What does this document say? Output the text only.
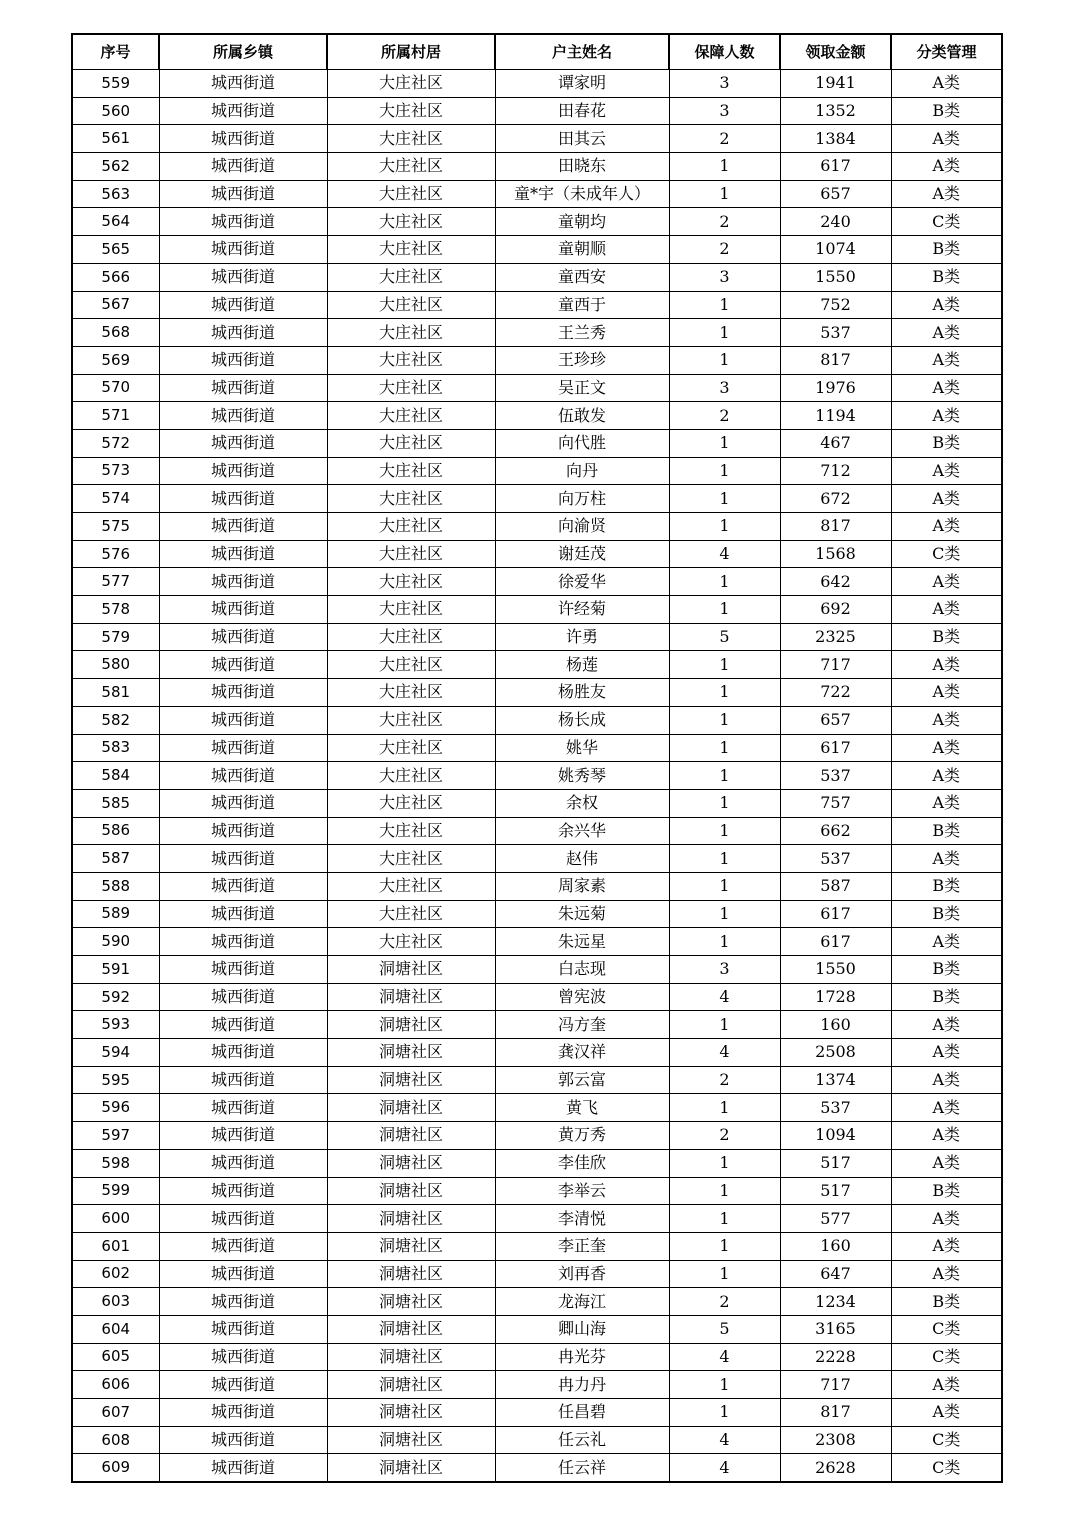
序号	所属乡镇	所属村居	户主姓名	保障人数	领取金额	分类管理
559	城西街道	大庄社区	谭家明	3	1941	A类
560	城西街道	大庄社区	田春花	3	1352	B类
561	城西街道	大庄社区	田其云	2	1384	A类
562	城西街道	大庄社区	田晓东	1	617	A类
563	城西街道	大庄社区	童*宇（未成年人）	1	657	A类
564	城西街道	大庄社区	童朝均	2	240	C类
565	城西街道	大庄社区	童朝顺	2	1074	B类
566	城西街道	大庄社区	童西安	3	1550	B类
567	城西街道	大庄社区	童西于	1	752	A类
568	城西街道	大庄社区	王兰秀	1	537	A类
569	城西街道	大庄社区	王珍珍	1	817	A类
570	城西街道	大庄社区	吴正文	3	1976	A类
571	城西街道	大庄社区	伍敢发	2	1194	A类
572	城西街道	大庄社区	向代胜	1	467	B类
573	城西街道	大庄社区	向丹	1	712	A类
574	城西街道	大庄社区	向万柱	1	672	A类
575	城西街道	大庄社区	向渝贤	1	817	A类
576	城西街道	大庄社区	谢廷茂	4	1568	C类
577	城西街道	大庄社区	徐爱华	1	642	A类
578	城西街道	大庄社区	许经菊	1	692	A类
579	城西街道	大庄社区	许勇	5	2325	B类
580	城西街道	大庄社区	杨莲	1	717	A类
581	城西街道	大庄社区	杨胜友	1	722	A类
582	城西街道	大庄社区	杨长成	1	657	A类
583	城西街道	大庄社区	姚华	1	617	A类
584	城西街道	大庄社区	姚秀琴	1	537	A类
585	城西街道	大庄社区	余权	1	757	A类
586	城西街道	大庄社区	余兴华	1	662	B类
587	城西街道	大庄社区	赵伟	1	537	A类
588	城西街道	大庄社区	周家素	1	587	B类
589	城西街道	大庄社区	朱远菊	1	617	B类
590	城西街道	大庄社区	朱远星	1	617	A类
591	城西街道	洞塘社区	白志现	3	1550	B类
592	城西街道	洞塘社区	曾宪波	4	1728	B类
593	城西街道	洞塘社区	冯方奎	1	160	A类
594	城西街道	洞塘社区	龚汉祥	4	2508	A类
595	城西街道	洞塘社区	郭云富	2	1374	A类
596	城西街道	洞塘社区	黄飞	1	537	A类
597	城西街道	洞塘社区	黄万秀	2	1094	A类
598	城西街道	洞塘社区	李佳欣	1	517	A类
599	城西街道	洞塘社区	李举云	1	517	B类
600	城西街道	洞塘社区	李清悦	1	577	A类
601	城西街道	洞塘社区	李正奎	1	160	A类
602	城西街道	洞塘社区	刘再香	1	647	A类
603	城西街道	洞塘社区	龙海江	2	1234	B类
604	城西街道	洞塘社区	卿山海	5	3165	C类
605	城西街道	洞塘社区	冉光芬	4	2228	C类
606	城西街道	洞塘社区	冉力丹	1	717	A类
607	城西街道	洞塘社区	任昌碧	1	817	A类
608	城西街道	洞塘社区	任云礼	4	2308	C类
609	城西街道	洞塘社区	任云祥	4	2628	C类
